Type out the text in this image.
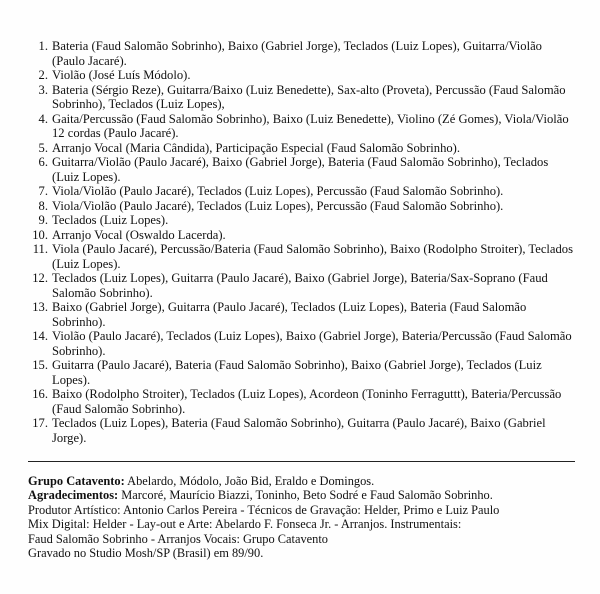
1. Bateria (Faud Salomão Sobrinho), Baixo (Gabriel Jorge), Teclados (Luiz Lopes), Guitarra/Violão (Paulo Jacaré).
2. Violão (José Luís Módolo).
3. Bateria (Sérgio Reze), Guitarra/Baixo (Luiz Benedette), Sax-alto (Proveta), Percussão (Faud Salomão Sobrinho), Teclados (Luiz Lopes),
4. Gaita/Percussão (Faud Salomão Sobrinho), Baixo (Luiz Benedette), Violino (Zé Gomes), Viola/Violão 12 cordas (Paulo Jacaré).
5. Arranjo Vocal (Maria Cândida), Participação Especial (Faud Salomão Sobrinho).
6. Guitarra/Violão (Paulo Jacaré), Baixo (Gabriel Jorge), Bateria (Faud Salomão Sobrinho), Teclados (Luiz Lopes).
7. Viola/Violão (Paulo Jacaré), Teclados (Luiz Lopes), Percussão (Faud Salomão Sobrinho).
8. Viola/Violão (Paulo Jacaré), Teclados (Luiz Lopes), Percussão (Faud Salomão Sobrinho).
9. Teclados (Luiz Lopes).
10. Arranjo Vocal (Oswaldo Lacerda).
11. Viola (Paulo Jacaré), Percussão/Bateria (Faud Salomão Sobrinho), Baixo (Rodolpho Stroiter), Teclados (Luiz Lopes).
12. Teclados (Luiz Lopes), Guitarra (Paulo Jacaré), Baixo (Gabriel Jorge), Bateria/Sax-Soprano (Faud Salomão Sobrinho).
13. Baixo (Gabriel Jorge), Guitarra (Paulo Jacaré), Teclados (Luiz Lopes), Bateria (Faud Salomão Sobrinho).
14. Violão (Paulo Jacaré), Teclados (Luiz Lopes), Baixo (Gabriel Jorge), Bateria/Percussão (Faud Salomão Sobrinho).
15. Guitarra (Paulo Jacaré), Bateria (Faud Salomão Sobrinho), Baixo (Gabriel Jorge), Teclados (Luiz Lopes).
16. Baixo (Rodolpho Stroiter), Teclados (Luiz Lopes), Acordeon (Toninho Ferraguttt), Bateria/Percussão (Faud Salomão Sobrinho).
17. Teclados (Luiz Lopes), Bateria (Faud Salomão Sobrinho), Guitarra (Paulo Jacaré), Baixo (Gabriel Jorge).
Grupo Catavento: Abelardo, Módolo, João Bid, Eraldo e Domingos.
Agradecimentos: Marcoré, Maurício Biazzi, Toninho, Beto Sodré e Faud Salomão Sobrinho.
Produtor Artístico: Antonio Carlos Pereira - Técnicos de Gravação: Helder, Primo e Luiz Paulo
Mix Digital: Helder - Lay-out e Arte: Abelardo F. Fonseca Jr. - Arranjos. Instrumentais:
Faud Salomão Sobrinho - Arranjos Vocais: Grupo Catavento
Gravado no Studio Mosh/SP (Brasil) em 89/90.
